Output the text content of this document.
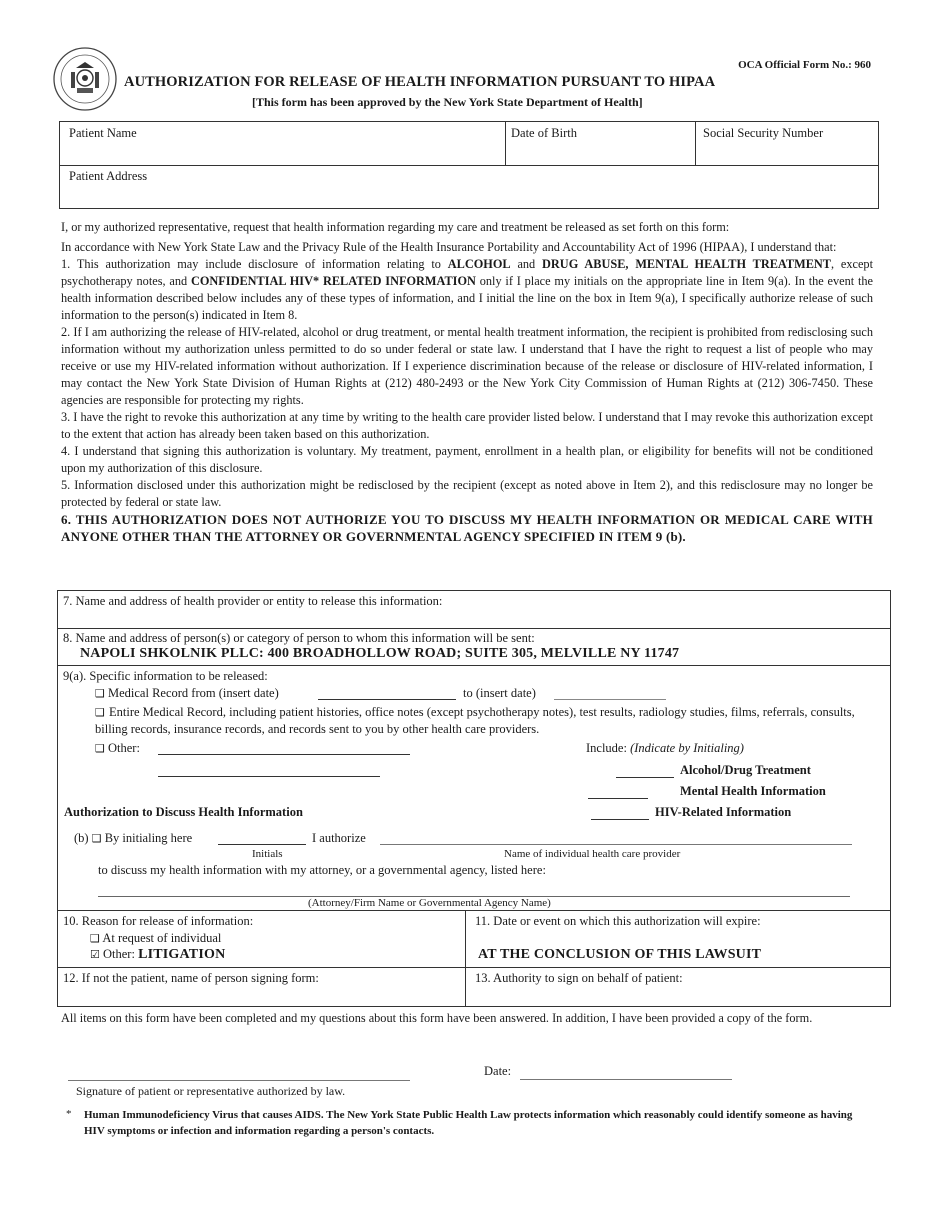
OCA Official Form No.: 960
AUTHORIZATION FOR RELEASE OF HEALTH INFORMATION PURSUANT TO HIPAA
[This form has been approved by the New York State Department of Health]
Patient Name	Date of Birth	Social Security Number
Patient Address

I, or my authorized representative, request that health information regarding my care and treatment be released as set forth on this form:

In accordance with New York State Law and the Privacy Rule of the Health Insurance Portability and Accountability Act of 1996 (HIPAA), I understand that:

1. This authorization may include disclosure of information relating to ALCOHOL and DRUG ABUSE, MENTAL HEALTH TREATMENT, except psychotherapy notes, and CONFIDENTIAL HIV* RELATED INFORMATION only if I place my initials on the appropriate line in Item 9(a). In the event the health information described below includes any of these types of information, and I initial the line on the box in Item 9(a), I specifically authorize release of such information to the person(s) indicated in Item 8.

2. If I am authorizing the release of HIV-related, alcohol or drug treatment, or mental health treatment information, the recipient is prohibited from redisclosing such information without my authorization unless permitted to do so under federal or state law. I understand that I have the right to request a list of people who may receive or use my HIV-related information without authorization. If I experience discrimination because of the release or disclosure of HIV-related information, I may contact the New York State Division of Human Rights at (212) 480-2493 or the New York City Commission of Human Rights at (212) 306-7450. These agencies are responsible for protecting my rights.

3. I have the right to revoke this authorization at any time by writing to the health care provider listed below. I understand that I may revoke this authorization except to the extent that action has already been taken based on this authorization.

4. I understand that signing this authorization is voluntary. My treatment, payment, enrollment in a health plan, or eligibility for benefits will not be conditioned upon my authorization of this disclosure.

5. Information disclosed under this authorization might be redisclosed by the recipient (except as noted above in Item 2), and this redisclosure may no longer be protected by federal or state law.

6. THIS AUTHORIZATION DOES NOT AUTHORIZE YOU TO DISCUSS MY HEALTH INFORMATION OR MEDICAL CARE WITH ANYONE OTHER THAN THE ATTORNEY OR GOVERNMENTAL AGENCY SPECIFIED IN ITEM 9 (b).

7. Name and address of health provider or entity to release this information:
8. Name and address of person(s) or category of person to whom this information will be sent:
NAPOLI SHKOLNIK PLLC: 400 BROADHOLLOW ROAD; SUITE 305, MELVILLE NY 11747
9(a). Specific information to be released:
❑ Medical Record from (insert date)	to (insert date)
❑ Entire Medical Record, including patient histories, office notes (except psychotherapy notes), test results, radiology studies, films, referrals, consults, billing records, insurance records, and records sent to you by other health care providers.
❑ Other:	Include: (Indicate by Initialing)
Alcohol/Drug Treatment
Mental Health Information
HIV-Related Information
Authorization to Discuss Health Information
(b) ❑ By initialing here	I authorize
Initials	Name of individual health care provider
to discuss my health information with my attorney, or a governmental agency, listed here:
(Attorney/Firm Name or Governmental Agency Name)
10. Reason for release of information:
❑ At request of individual
☑ Other: LITIGATION
11. Date or event on which this authorization will expire:
AT THE CONCLUSION OF THIS LAWSUIT
12. If not the patient, name of person signing form:	13. Authority to sign on behalf of patient:
All items on this form have been completed and my questions about this form have been answered. In addition, I have been provided a copy of the form.
Date:
Signature of patient or representative authorized by law.
* Human Immunodeficiency Virus that causes AIDS. The New York State Public Health Law protects information which reasonably could identify someone as having HIV symptoms or infection and information regarding a person's contacts.
